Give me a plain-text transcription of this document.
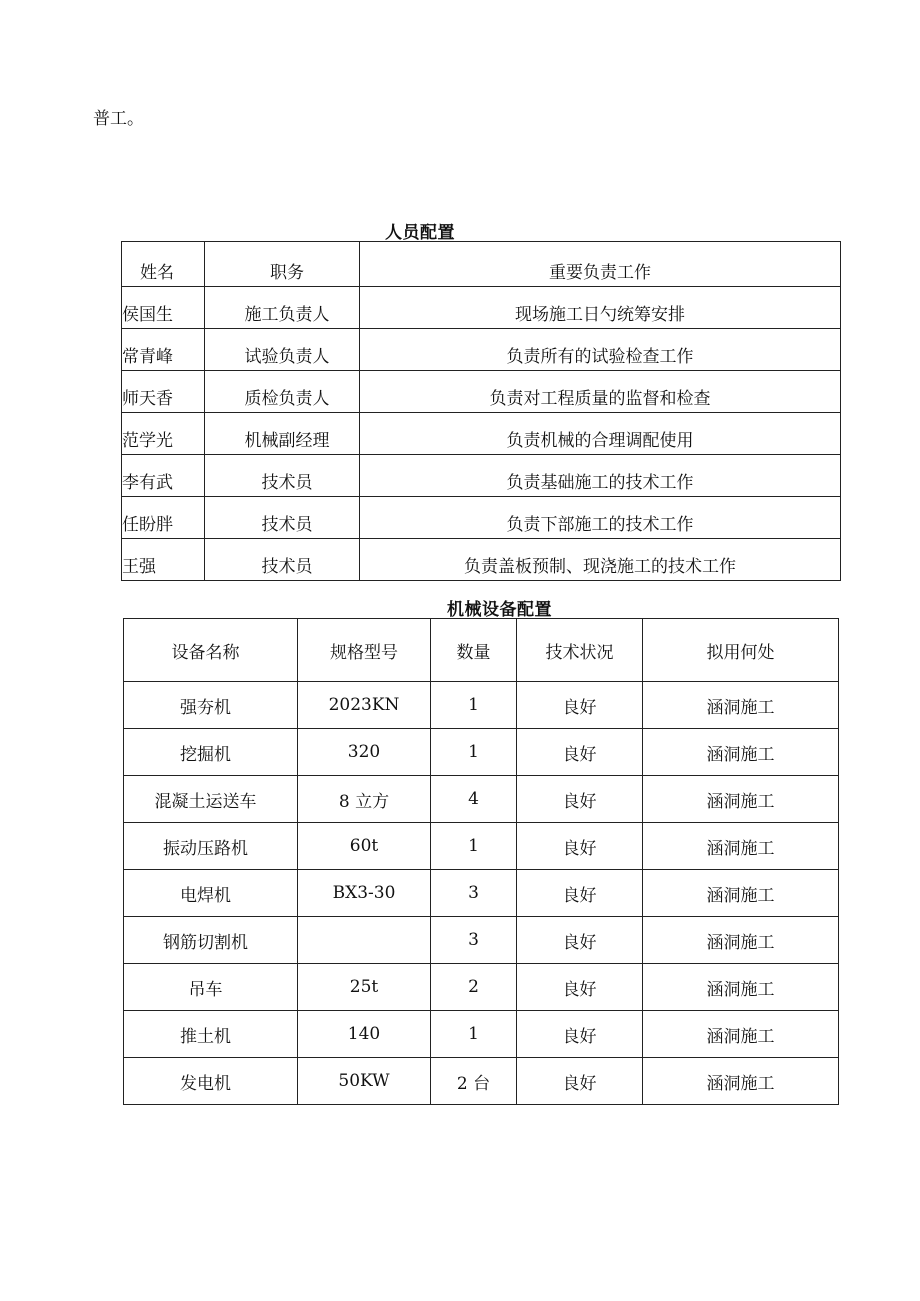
普工。
人员配置
姓名	职务	重要负责工作
侯国生	施工负责人	现场施工日勺统筹安排
常青峰	试验负责人	负责所有的试验检查工作
师天香	质检负责人	负责对工程质量的监督和检查
范学光	机械副经理	负责机械的合理调配使用
李有武	技术员	负责基础施工的技术工作
任盼胖	技术员	负责下部施工的技术工作
王强	技术员	负责盖板预制、现浇施工的技术工作
机械设备配置
设备名称	规格型号	数量	技术状况	拟用何处
强夯机	2023KN	1	良好	涵洞施工
挖掘机	320	1	良好	涵洞施工
混凝土运送车	8 立方	4	良好	涵洞施工
振动压路机	60t	1	良好	涵洞施工
电焊机	BX3-30	3	良好	涵洞施工
钢筋切割机		3	良好	涵洞施工
吊车	25t	2	良好	涵洞施工
推土机	140	1	良好	涵洞施工
发电机	50KW	2 台	良好	涵洞施工
